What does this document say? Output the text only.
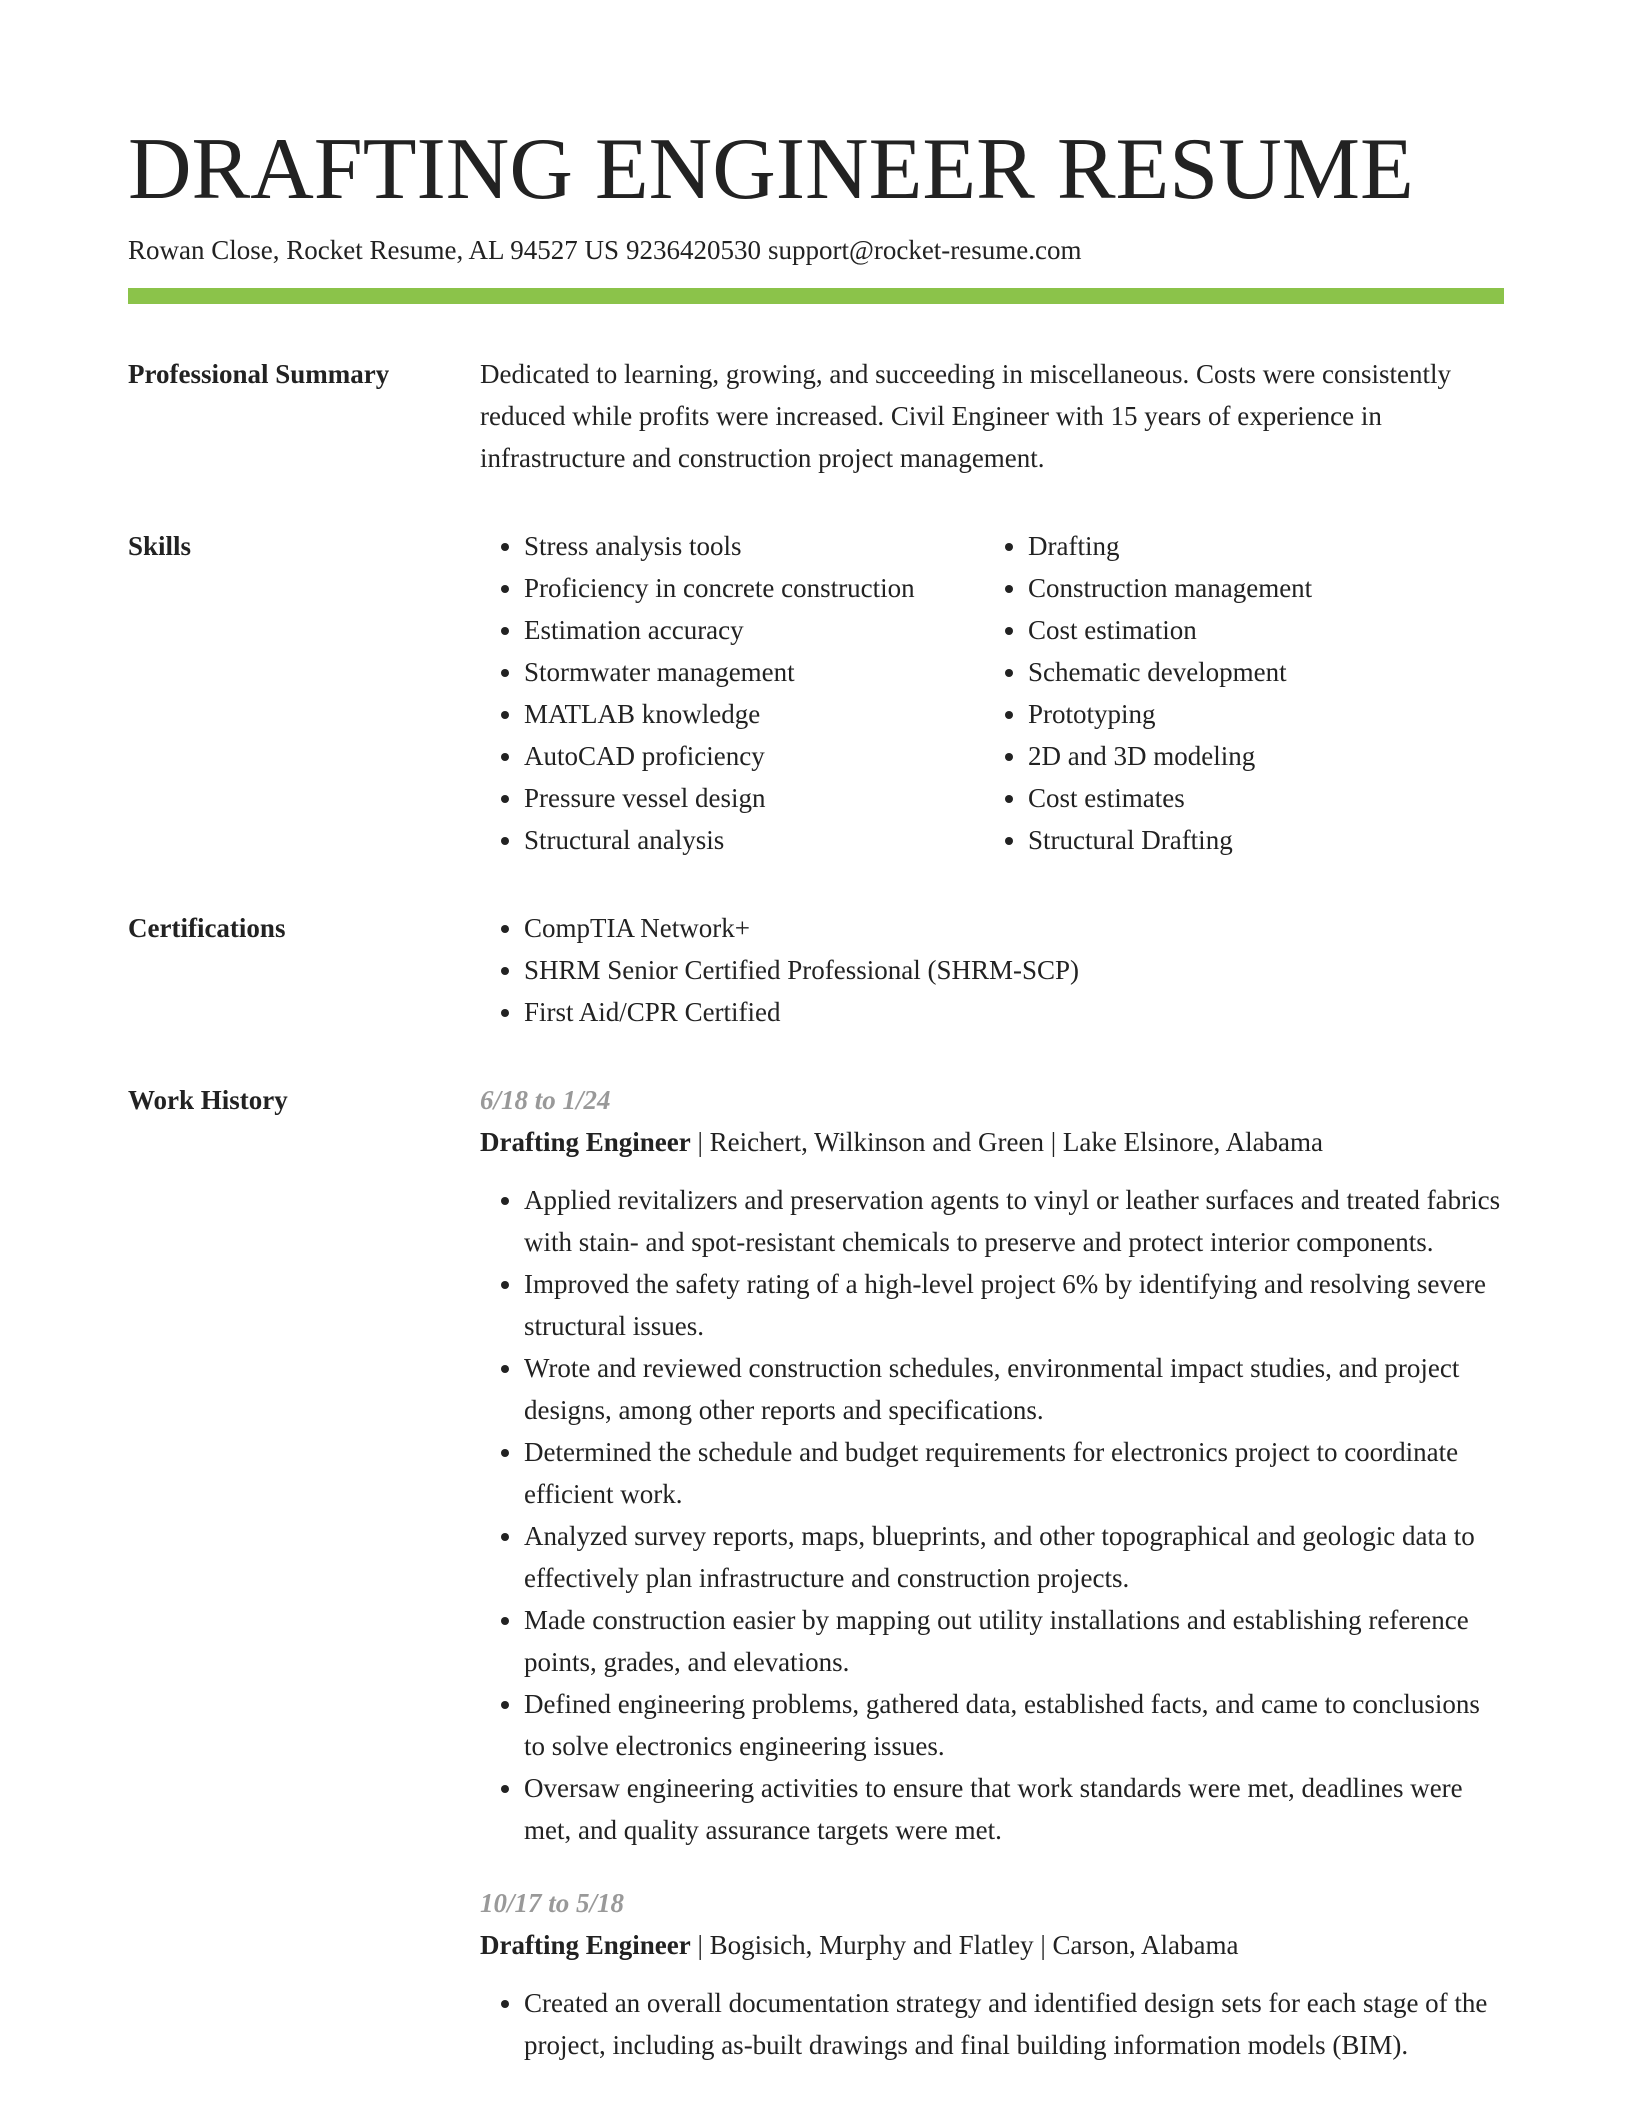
DRAFTING ENGINEER RESUME
Rowan Close, Rocket Resume, AL 94527 US 9236420530 support@rocket-resume.com
Professional Summary	Dedicated to learning, growing, and succeeding in miscellaneous. Costs were consistently reduced while profits were increased. Civil Engineer with 15 years of experience in infrastructure and construction project management.

Skills	• Stress analysis tools
• Proficiency in concrete construction
• Estimation accuracy
• Stormwater management
• MATLAB knowledge
• AutoCAD proficiency
• Pressure vessel design
• Structural analysis
• Drafting
• Construction management
• Cost estimation
• Schematic development
• Prototyping
• 2D and 3D modeling
• Cost estimates
• Structural Drafting
Certifications	• CompTIA Network+
• SHRM Senior Certified Professional (SHRM-SCP)
• First Aid/CPR Certified
Work History	6/18 to 1/24
Drafting Engineer | Reichert, Wilkinson and Green | Lake Elsinore, Alabama
• Applied revitalizers and preservation agents to vinyl or leather surfaces and treated fabrics with stain- and spot-resistant chemicals to preserve and protect interior components.
• Improved the safety rating of a high-level project 6% by identifying and resolving severe structural issues.
• Wrote and reviewed construction schedules, environmental impact studies, and project designs, among other reports and specifications.
• Determined the schedule and budget requirements for electronics project to coordinate efficient work.
• Analyzed survey reports, maps, blueprints, and other topographical and geologic data to effectively plan infrastructure and construction projects.
• Made construction easier by mapping out utility installations and establishing reference points, grades, and elevations.
• Defined engineering problems, gathered data, established facts, and came to conclusions to solve electronics engineering issues.
• Oversaw engineering activities to ensure that work standards were met, deadlines were met, and quality assurance targets were met.
10/17 to 5/18
Drafting Engineer | Bogisich, Murphy and Flatley | Carson, Alabama
• Created an overall documentation strategy and identified design sets for each stage of the project, including as-built drawings and final building information models (BIM).
